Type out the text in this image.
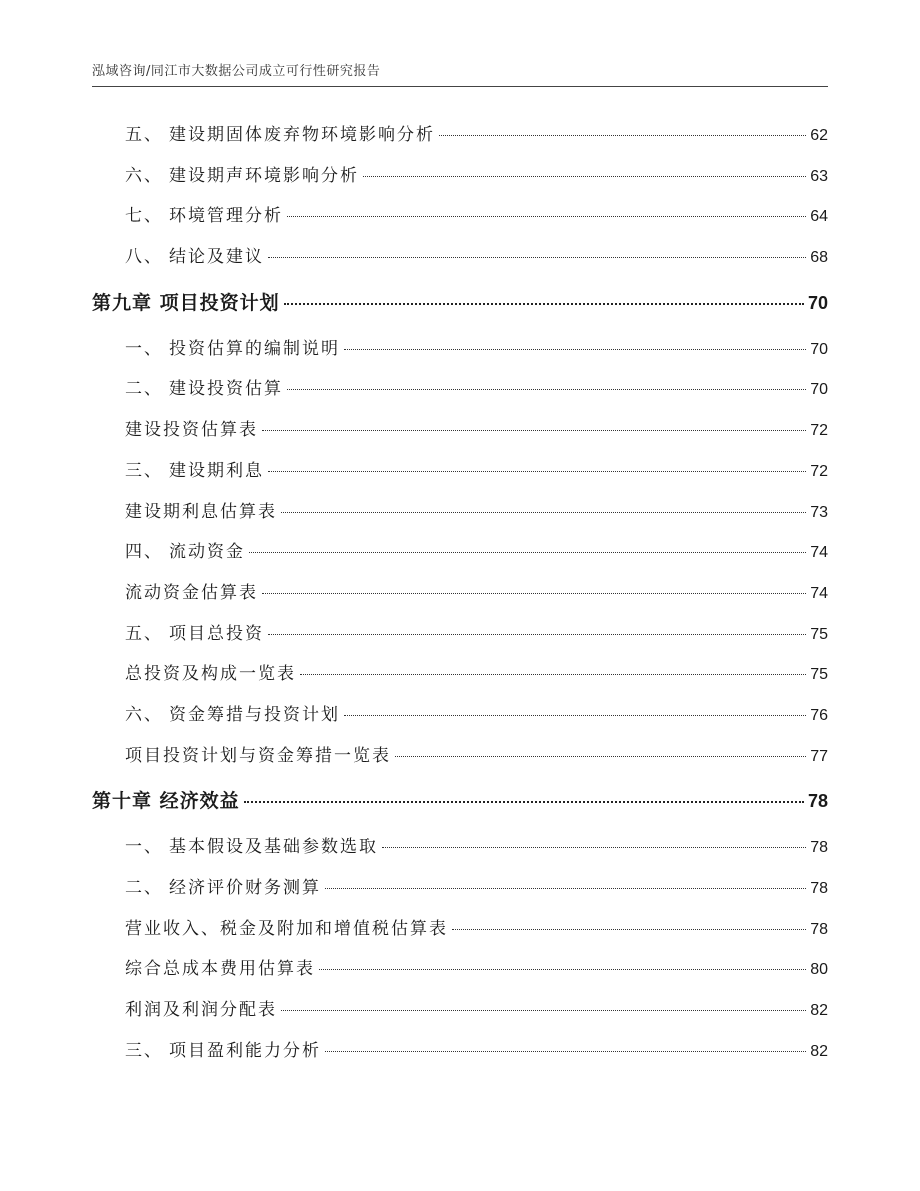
泓域咨询/同江市大数据公司成立可行性研究报告
五、 建设期固体废弃物环境影响分析	62
六、 建设期声环境影响分析	63
七、 环境管理分析	64
八、 结论及建议	68
第九章 项目投资计划	70
一、 投资估算的编制说明	70
二、 建设投资估算	70
建设投资估算表	72
三、 建设期利息	72
建设期利息估算表	73
四、 流动资金	74
流动资金估算表	74
五、 项目总投资	75
总投资及构成一览表	75
六、 资金筹措与投资计划	76
项目投资计划与资金筹措一览表	77
第十章 经济效益	78
一、 基本假设及基础参数选取	78
二、 经济评价财务测算	78
营业收入、税金及附加和增值税估算表	78
综合总成本费用估算表	80
利润及利润分配表	82
三、 项目盈利能力分析	82
